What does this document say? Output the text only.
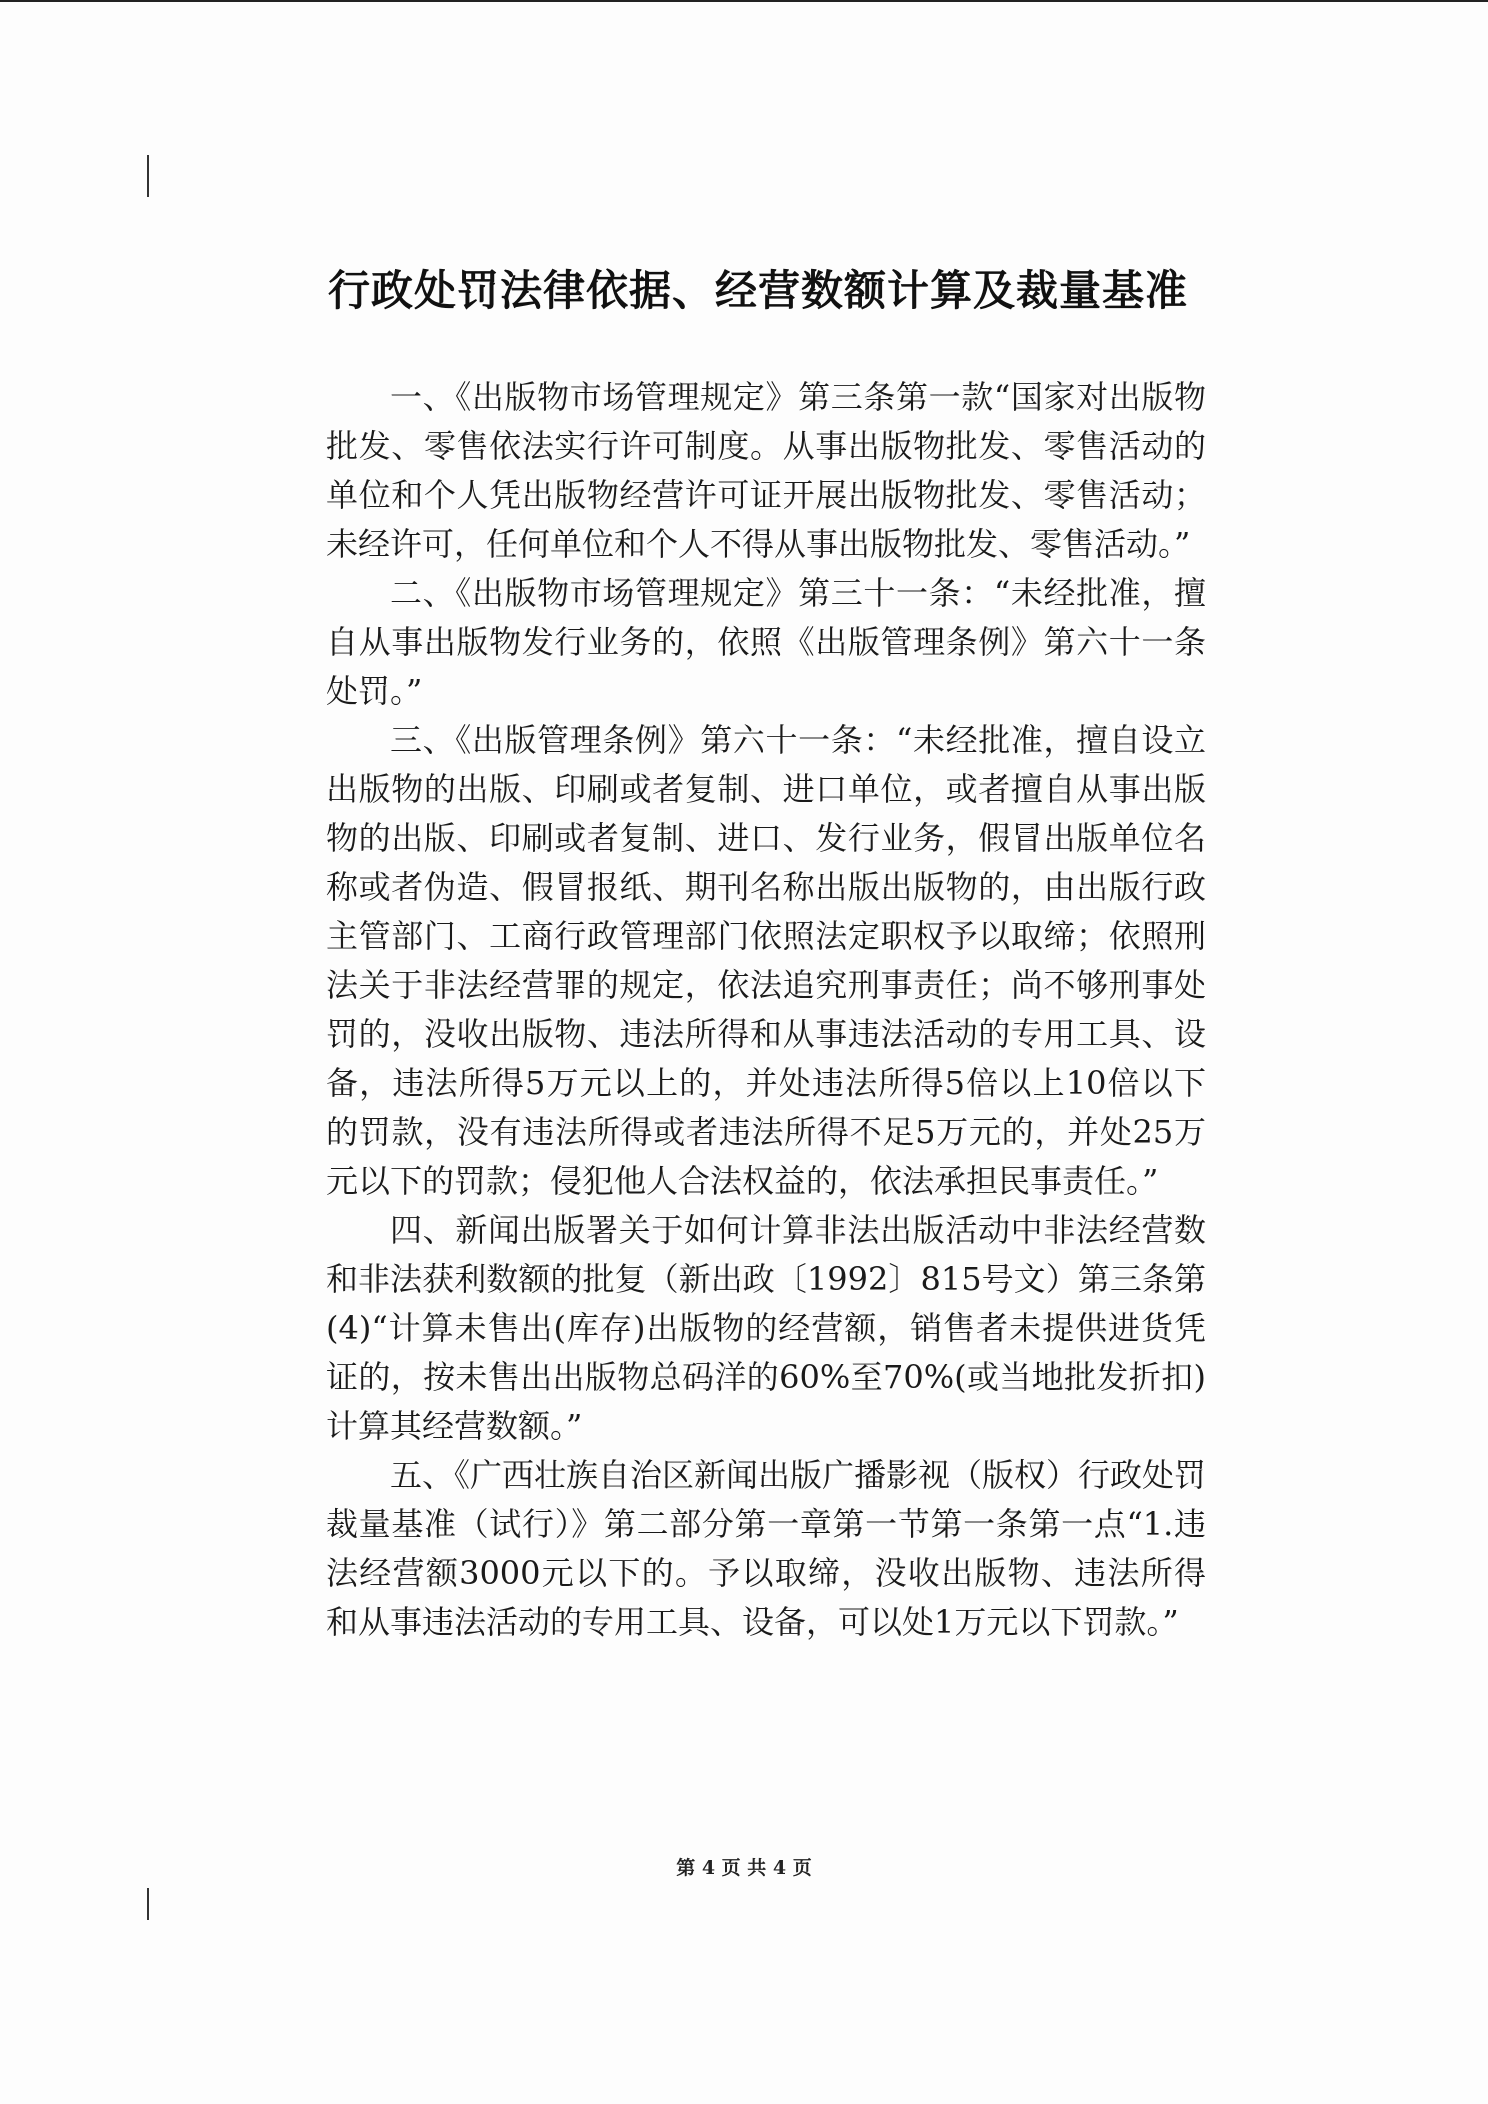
行政处罚法律依据、经营数额计算及裁量基准

一、《出版物市场管理规定》第三条第一款“国家对出版物批发、零售依法实行许可制度。从事出版物批发、零售活动的单位和个人凭出版物经营许可证开展出版物批发、零售活动；未经许可，任何单位和个人不得从事出版物批发、零售活动。”

二、《出版物市场管理规定》第三十一条：“未经批准，擅自从事出版物发行业务的，依照《出版管理条例》第六十一条处罚。”

三、《出版管理条例》第六十一条：“未经批准，擅自设立出版物的出版、印刷或者复制、进口单位，或者擅自从事出版物的出版、印刷或者复制、进口、发行业务，假冒出版单位名称或者伪造、假冒报纸、期刊名称出版出版物的，由出版行政主管部门、工商行政管理部门依照法定职权予以取缔；依照刑法关于非法经营罪的规定，依法追究刑事责任；尚不够刑事处罚的，没收出版物、违法所得和从事违法活动的专用工具、设备，违法所得5万元以上的，并处违法所得5倍以上10倍以下的罚款，没有违法所得或者违法所得不足5万元的，并处25万元以下的罚款；侵犯他人合法权益的，依法承担民事责任。”

四、新闻出版署关于如何计算非法出版活动中非法经营数和非法获利数额的批复（新出政〔1992〕815号文）第三条第(4)“计算未售出(库存)出版物的经营额，销售者未提供进货凭证的，按未售出出版物总码洋的60%至70%(或当地批发折扣)计算其经营数额。”

五、《广西壮族自治区新闻出版广播影视（版权）行政处罚裁量基准（试行）》第二部分第一章第一节第一条第一点“1.违法经营额3000元以下的。予以取缔，没收出版物、违法所得和从事违法活动的专用工具、设备，可以处1万元以下罚款。”

第 4 页 共 4 页
